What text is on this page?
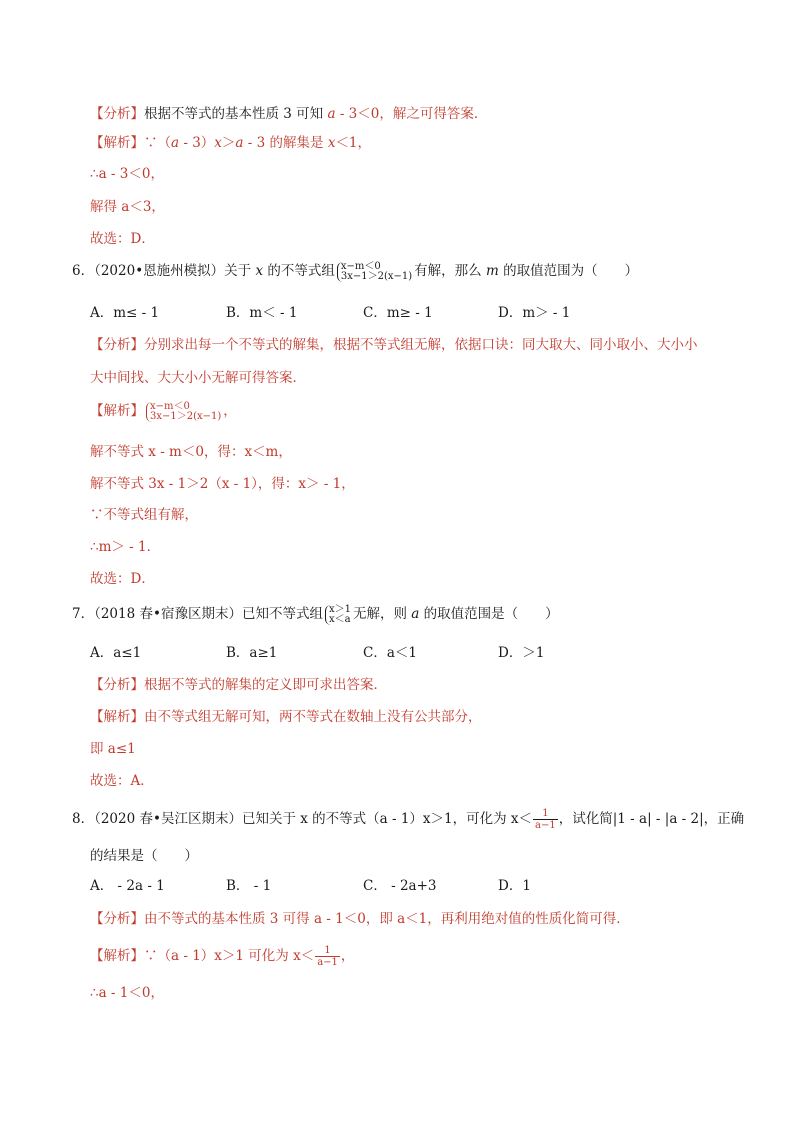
【分析】根据不等式的基本性质 3 可知 a - 3＜0，解之可得答案．
【解析】∵（a - 3）x＞a - 3 的解集是 x＜1，
∴a - 3＜0，
解得 a＜3，
故选：D．
6．（2020•恩施州模拟）关于 x 的不等式组 x−m＜0
3x−1＞2(x−1) 有解，那么 m 的取值范围为（　　）
A．m≤ - 1	B．m＜ - 1	C．m≥ - 1	D．m＞ - 1
【分析】分别求出每一个不等式的解集，根据不等式组无解，依据口诀：同大取大、同小取小、大小小
大中间找、大大小小无解可得答案．
【解析】 x−m＜0
3x−1＞2(x−1) ，
解不等式 x - m＜0，得：x＜m，
解不等式 3x - 1＞2（x - 1），得：x＞ - 1，
∵不等式组有解，
∴m＞ - 1．
故选：D．
7．（2018 春•宿豫区期末）已知不等式组 x＞1
x＜a 无解，则 a 的取值范围是（　　）
A．a≤1	B．a≥1	C．a＜1	D．＞1
【分析】根据不等式的解集的定义即可求出答案．
【解析】由不等式组无解可知，两不等式在数轴上没有公共部分，
即 a≤1
故选：A．
8．（2020 春•吴江区期末）已知关于 x 的不等式（a - 1）x＞1，可化为 $x< \frac{1}{a-1}$ ，试化简|1 - a| - |a - 2|，正确
的结果是（　　）
A． - 2a - 1	B． - 1	C． - 2a+3	D．1
【分析】由不等式的基本性质 3 可得 a - 1＜0，即 a＜1，再利用绝对值的性质化简可得．
【解析】∵（a - 1）x＞1 可化为 $x< \frac{1}{a-1}$ ，
∴a - 1＜0，
